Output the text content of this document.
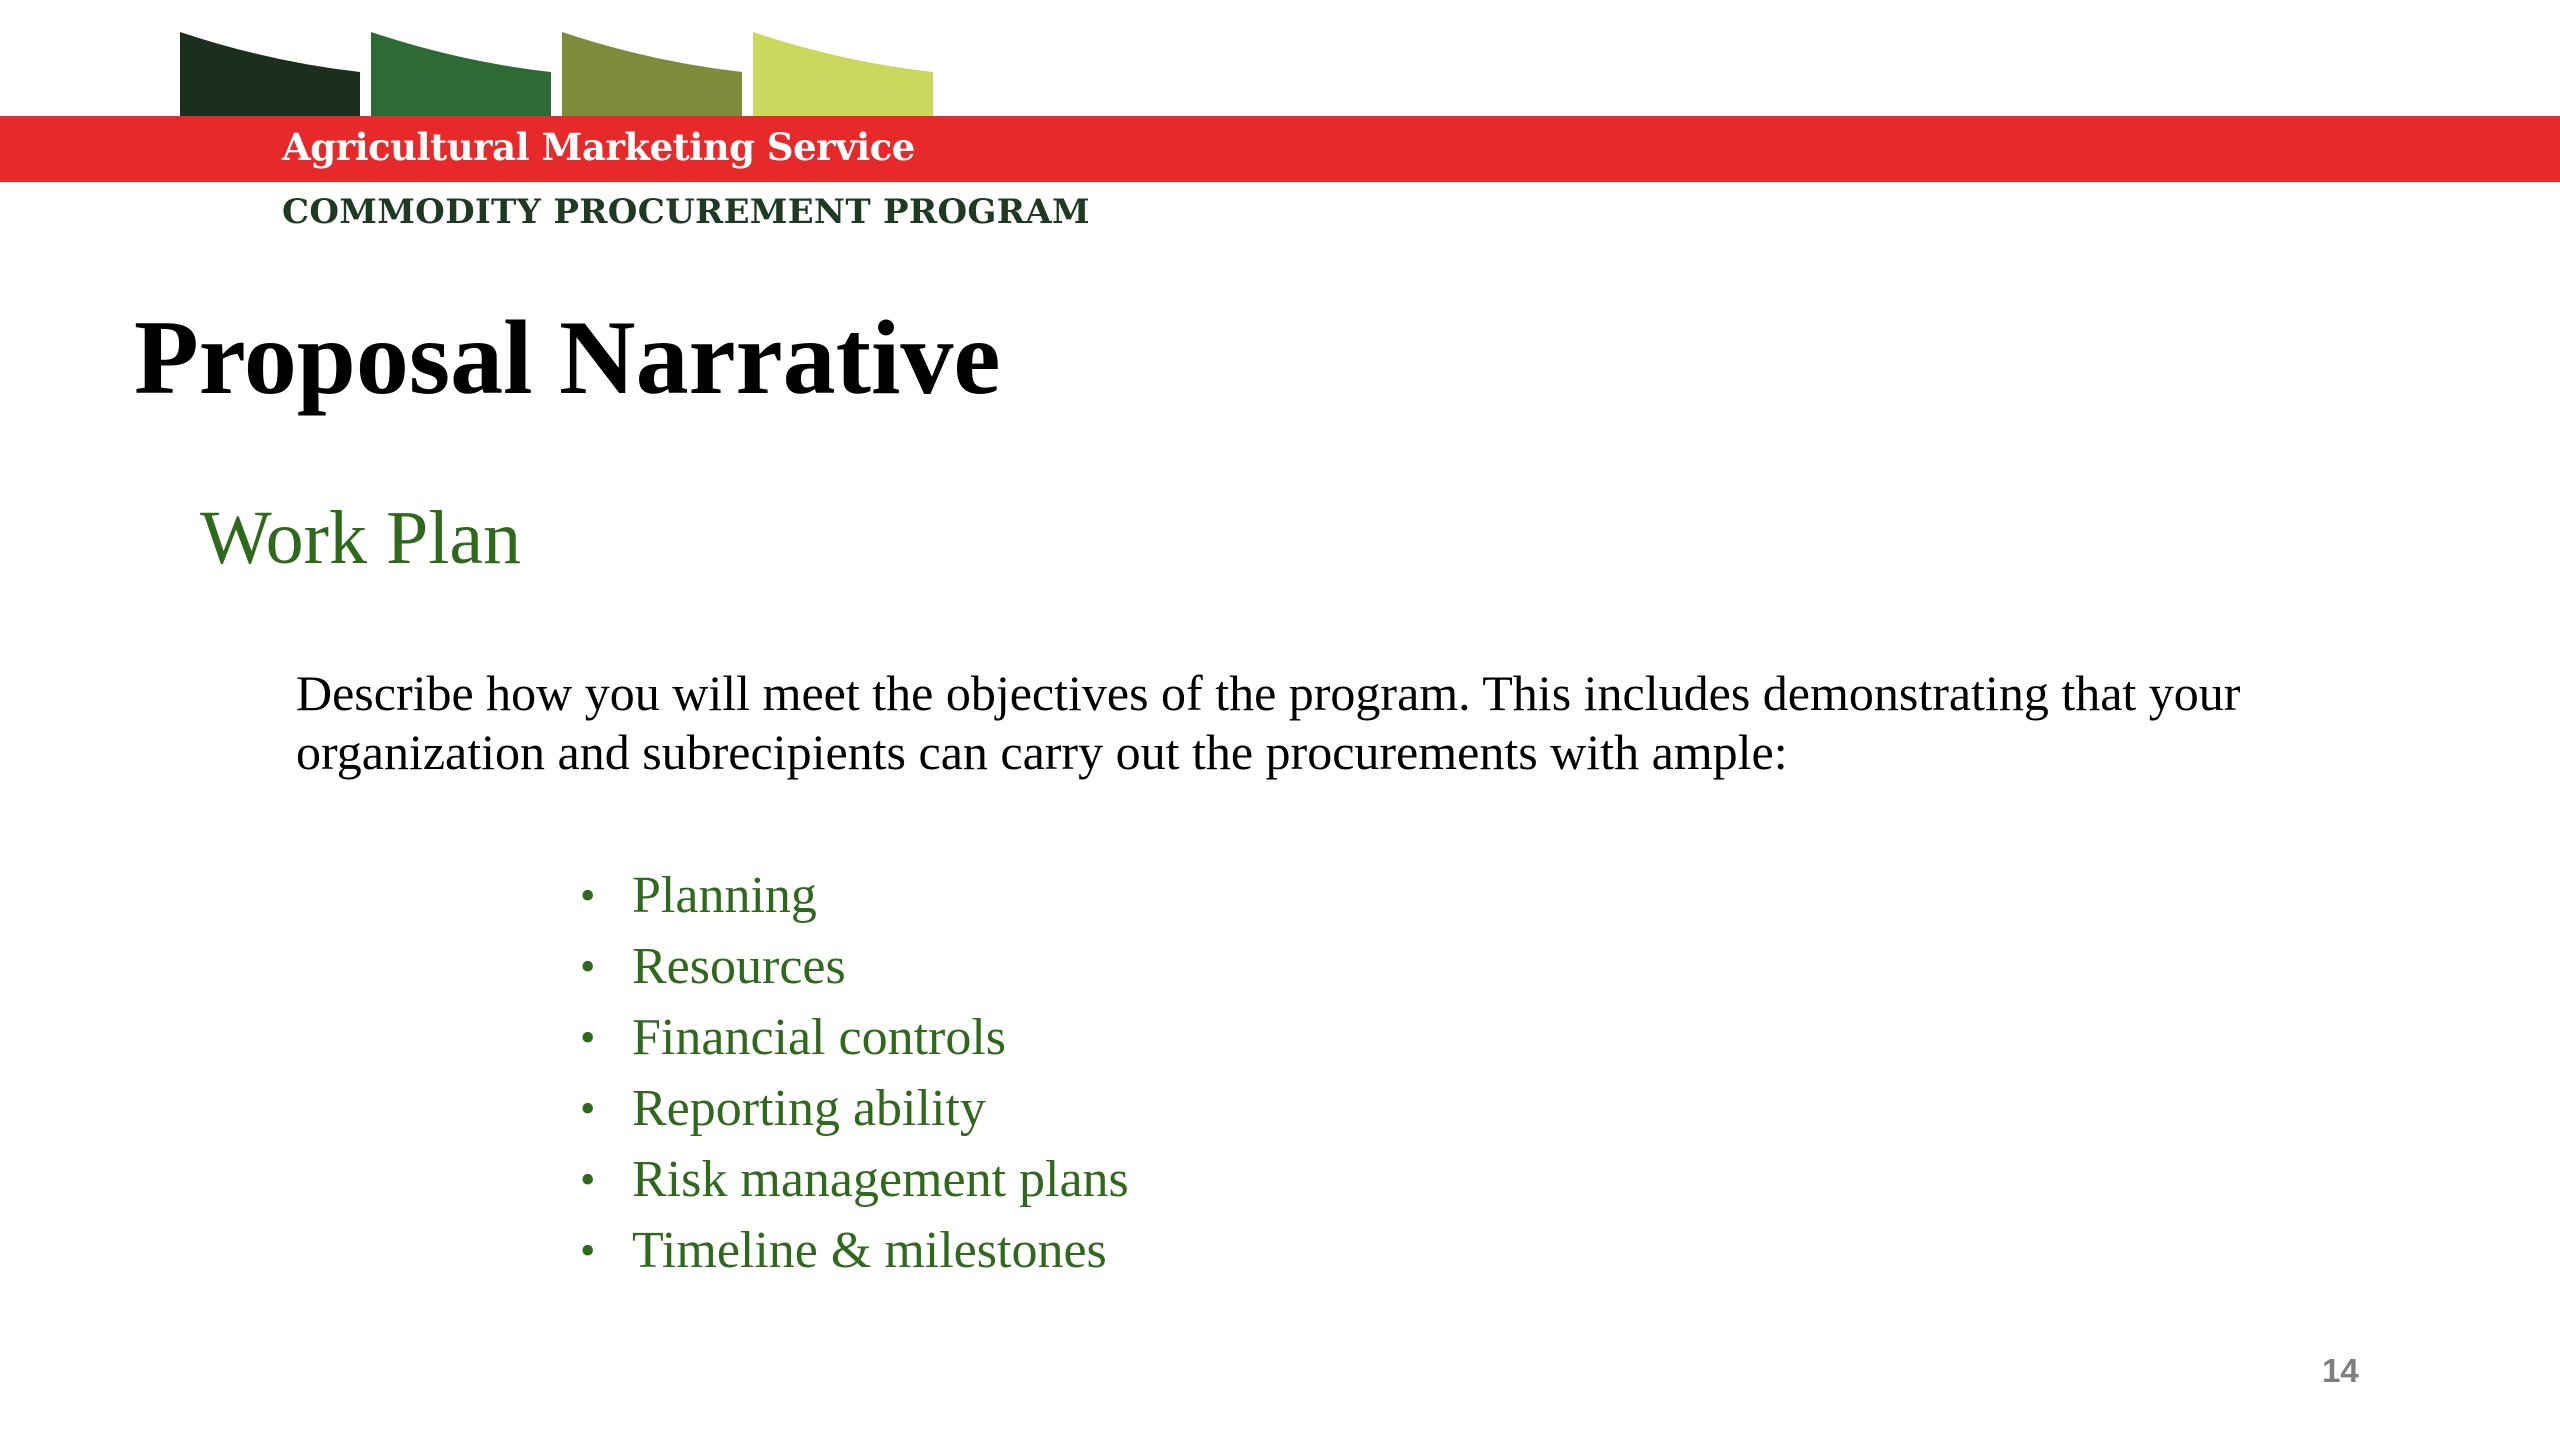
Agricultural Marketing Service
COMMODITY PROCUREMENT PROGRAM
Proposal Narrative
Work Plan

Describe how you will meet the objectives of the program. This includes demonstrating that your organization and subrecipients can carry out the procurements with ample:

• Planning
• Resources
• Financial controls
• Reporting ability
• Risk management plans
• Timeline & milestones
14
